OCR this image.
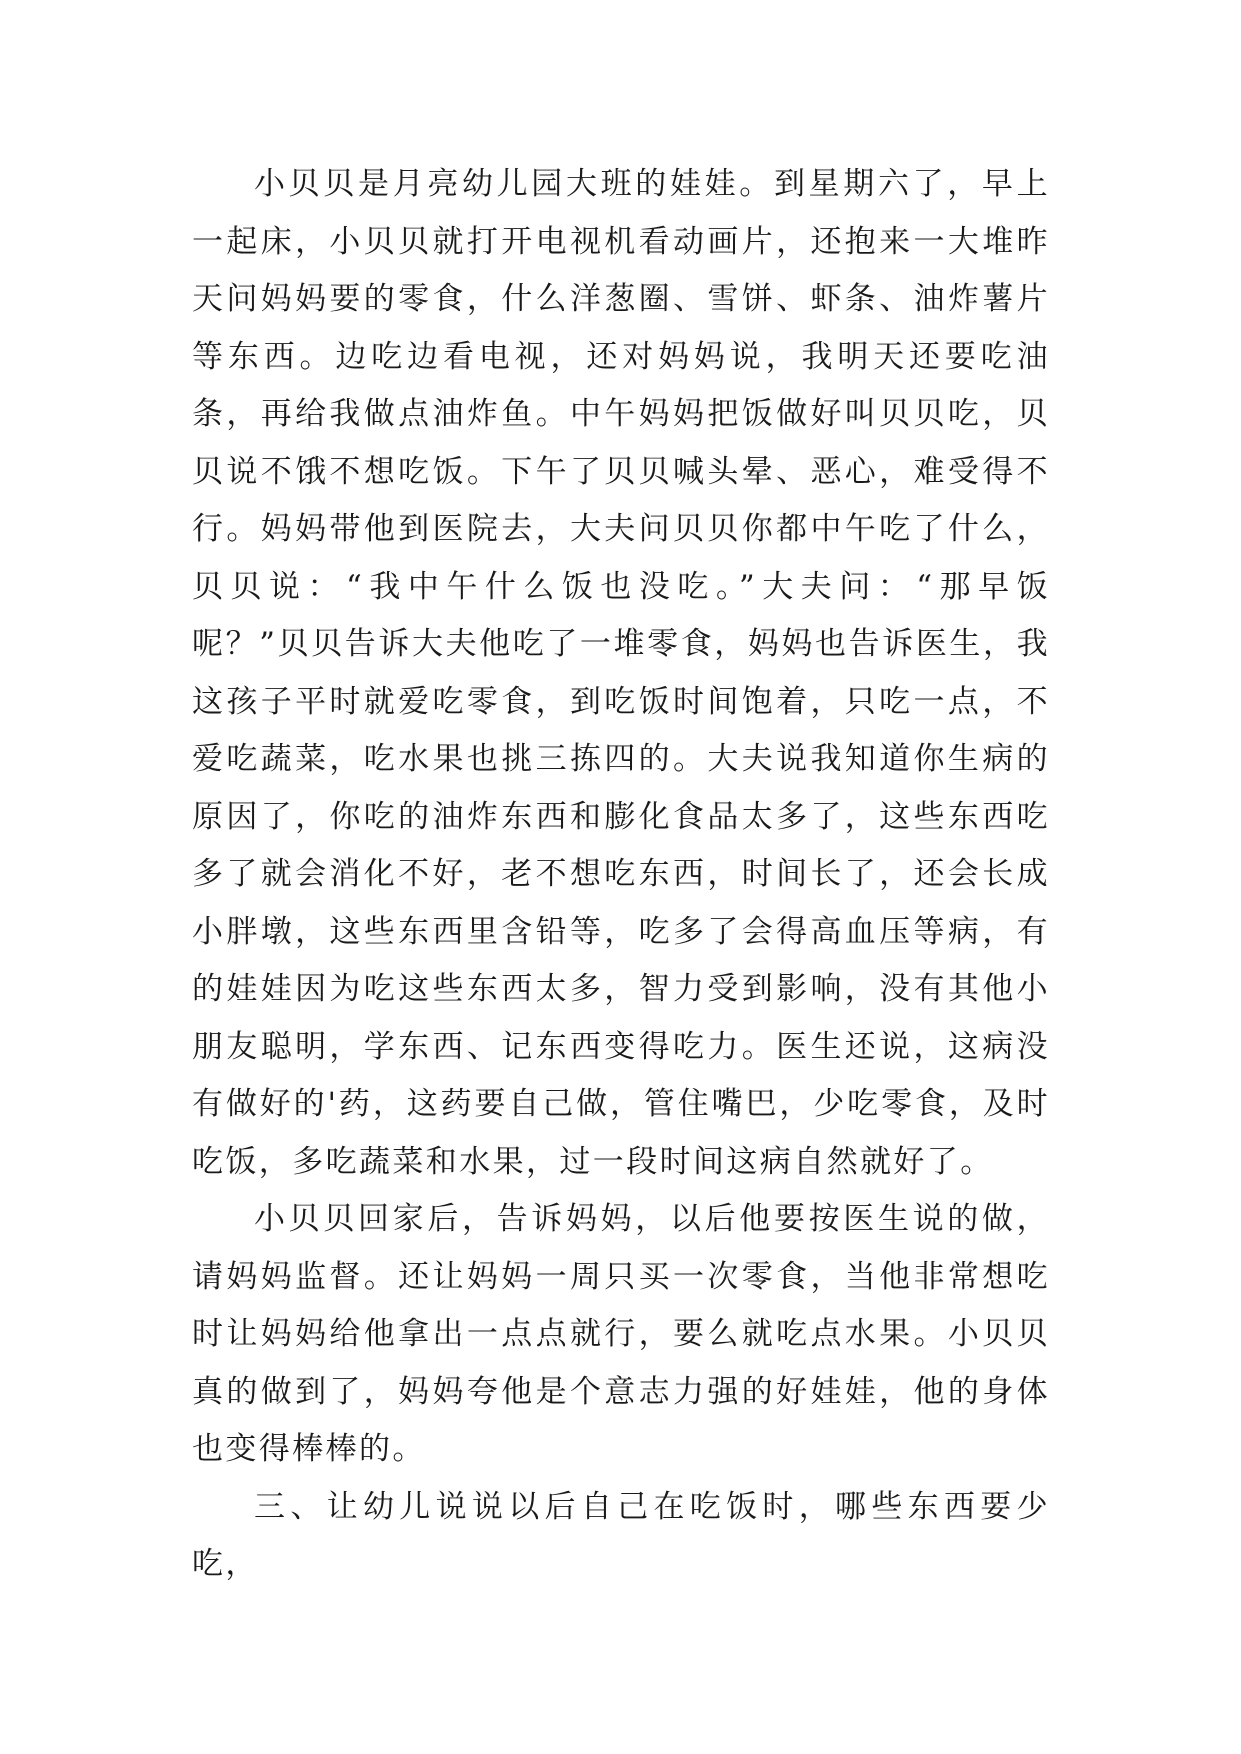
小贝贝是月亮幼儿园大班的娃娃。到星期六了，早上一起床，小贝贝就打开电视机看动画片，还抱来一大堆昨天问妈妈要的零食，什么洋葱圈、雪饼、虾条、油炸薯片等东西。边吃边看电视，还对妈妈说，我明天还要吃油条，再给我做点油炸鱼。中午妈妈把饭做好叫贝贝吃，贝贝说不饿不想吃饭。下午了贝贝喊头晕、恶心，难受得不行。妈妈带他到医院去，大夫问贝贝你都中午吃了什么，贝贝说：“我中午什么饭也没吃。”大夫问：“那早饭呢？”贝贝告诉大夫他吃了一堆零食，妈妈也告诉医生，我这孩子平时就爱吃零食，到吃饭时间饱着，只吃一点，不爱吃蔬菜，吃水果也挑三拣四的。大夫说我知道你生病的原因了，你吃的油炸东西和膨化食品太多了，这些东西吃多了就会消化不好，老不想吃东西，时间长了，还会长成小胖墩，这些东西里含铅等，吃多了会得高血压等病，有的娃娃因为吃这些东西太多，智力受到影响，没有其他小朋友聪明，学东西、记东西变得吃力。医生还说，这病没有做好的'药，这药要自己做，管住嘴巴，少吃零食，及时吃饭，多吃蔬菜和水果，过一段时间这病自然就好了。

小贝贝回家后，告诉妈妈，以后他要按医生说的做，请妈妈监督。还让妈妈一周只买一次零食，当他非常想吃时让妈妈给他拿出一点点就行，要么就吃点水果。小贝贝真的做到了，妈妈夸他是个意志力强的好娃娃，他的身体也变得棒棒的。

三、让幼儿说说以后自己在吃饭时，哪些东西要少吃，
